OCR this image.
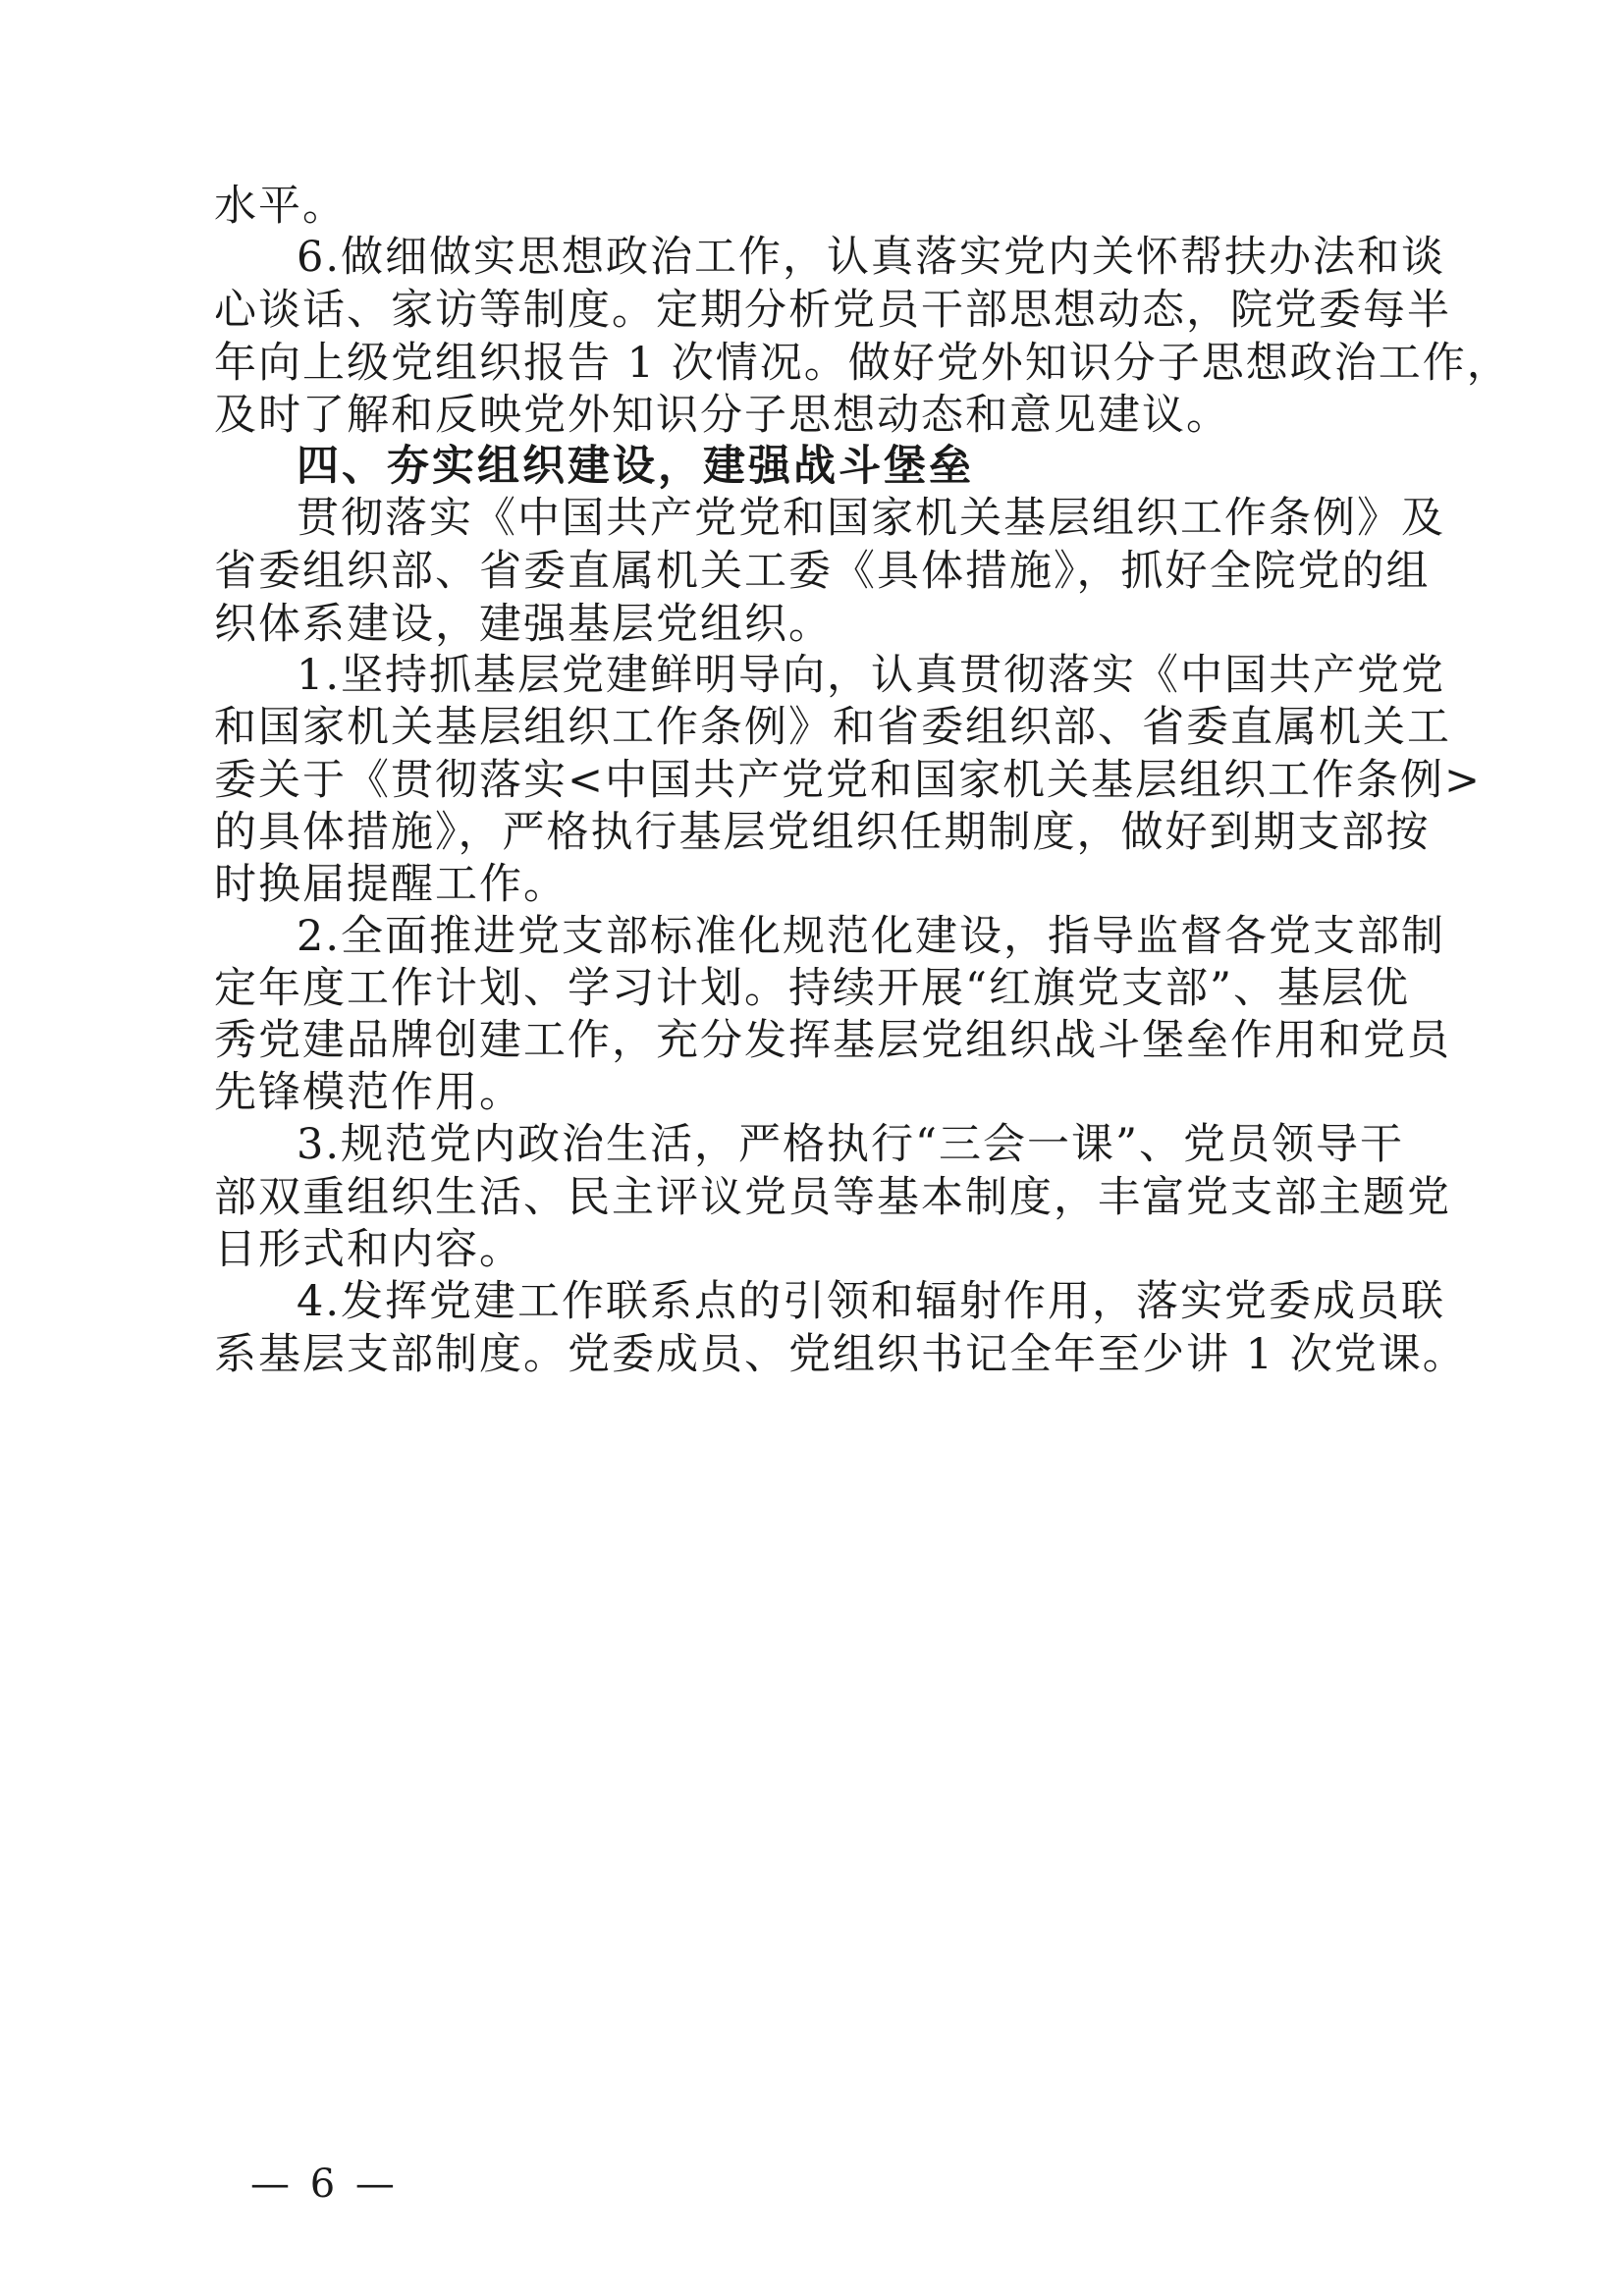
水平。
6.做细做实思想政治工作，认真落实党内关怀帮扶办法和谈
心谈话、家访等制度。定期分析党员干部思想动态，院党委每半
年向上级党组织报告 1 次情况。做好党外知识分子思想政治工作，
及时了解和反映党外知识分子思想动态和意见建议。
四、夯实组织建设，建强战斗堡垒
贯彻落实《中国共产党党和国家机关基层组织工作条例》及
省委组织部、省委直属机关工委《具体措施》，抓好全院党的组
织体系建设，建强基层党组织。
1.坚持抓基层党建鲜明导向，认真贯彻落实《中国共产党党
和国家机关基层组织工作条例》和省委组织部、省委直属机关工
委关于《贯彻落实<中国共产党党和国家机关基层组织工作条例>
的具体措施》，严格执行基层党组织任期制度，做好到期支部按
时换届提醒工作。
2.全面推进党支部标准化规范化建设，指导监督各党支部制
定年度工作计划、学习计划。持续开展“红旗党支部”、基层优
秀党建品牌创建工作，充分发挥基层党组织战斗堡垒作用和党员
先锋模范作用。
3.规范党内政治生活，严格执行“三会一课”、党员领导干
部双重组织生活、民主评议党员等基本制度，丰富党支部主题党
日形式和内容。
4.发挥党建工作联系点的引领和辐射作用，落实党委成员联
系基层支部制度。党委成员、党组织书记全年至少讲 1 次党课。
— 6 —
